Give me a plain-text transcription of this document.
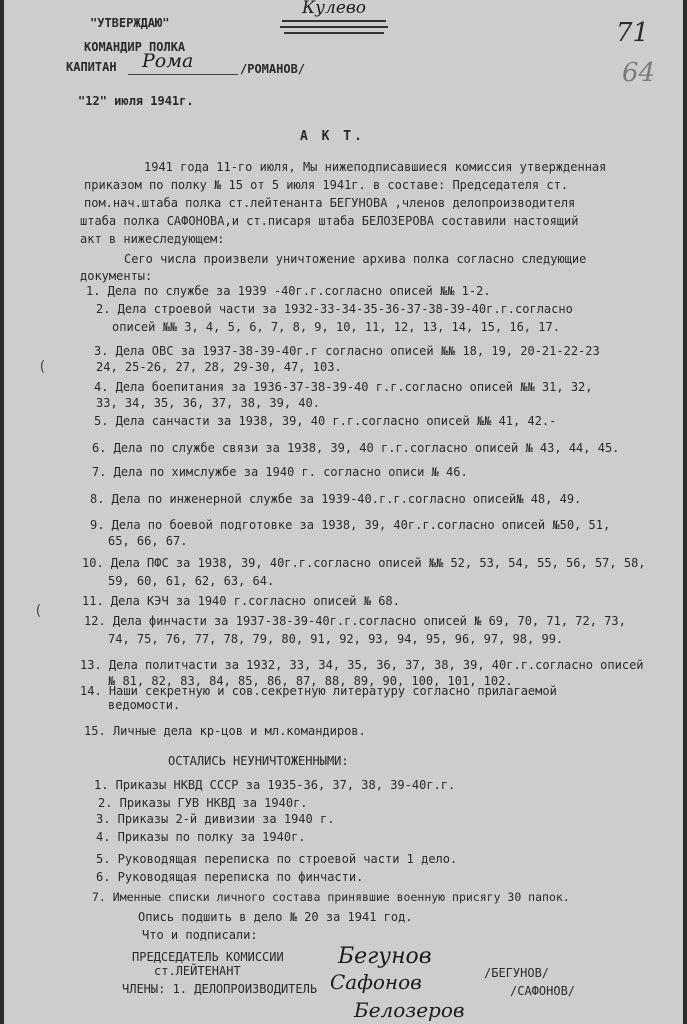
Кулево
71
64
"УТВЕРЖДАЮ"
КОМАНДИР ПОЛКА
КАПИТАН Рома	/РОМАНОВ/
"12" июля 1941г.
А К Т.
1941 года 11-го июля, Мы нижеподписавшиеся комиссия утвержденная
приказом по полку № 15 от 5 июля 1941г. в составе: Председателя ст.
пом.нач.штаба полка ст.лейтенанта БЕГУНОВА ,членов делопроизводителя
штаба полка САФОНОВА,и ст.писаря штаба БЕЛОЗЕРОВА составили настоящий
акт в нижеследующем:
Сего числа произвели уничтожение архива полка согласно следующие
документы:
1. Дела по службе за 1939 -40г.г.согласно описей №№ 1-2.
2. Дела строевой части за 1932-33-34-35-36-37-38-39-40г.г.согласно
описей №№ 3, 4, 5, 6, 7, 8, 9, 10, 11, 12, 13, 14, 15, 16, 17.
3. Дела ОВС за 1937-38-39-40г.г согласно описей №№ 18, 19, 20-21-22-23
24, 25-26, 27, 28, 29-30, 47, 103.
4. Дела боепитания за 1936-37-38-39-40 г.г.согласно описей №№ 31, 32,
33, 34, 35, 36, 37, 38, 39, 40.
5. Дела санчасти за 1938, 39, 40 г.г.согласно описей №№ 41, 42.-
6. Дела по службе связи за 1938, 39, 40 г.г.согласно описей № 43, 44, 45.
7. Дела по химслужбе за 1940 г. согласно описи № 46.
8. Дела по инженерной службе за 1939-40.г.г.согласно описей№ 48, 49.
9. Дела по боевой подготовке за 1938, 39, 40г.г.согласно описей №50, 51,
65, 66, 67.
10. Дела ПФС за 1938, 39, 40г.г.согласно описей №№ 52, 53, 54, 55, 56, 57, 58,
59, 60, 61, 62, 63, 64.
11. Дела КЭЧ за 1940 г.согласно описей № 68.
12. Дела финчасти за 1937-38-39-40г.г.согласно описей № 69, 70, 71, 72, 73,
74, 75, 76, 77, 78, 79, 80, 91, 92, 93, 94, 95, 96, 97, 98, 99.
13. Дела политчасти за 1932, 33, 34, 35, 36, 37, 38, 39, 40г.г.согласно описей
№ 81, 82, 83, 84, 85, 86, 87, 88, 89, 90, 100, 101, 102.
14. Наши секретную и сов.секретную литературу согласно прилагаемой
ведомости.
15. Личные дела кр-цов и мл.командиров.
ОСТАЛИСЬ НЕУНИЧТОЖЕННЫМИ:
1. Приказы НКВД СССР за 1935-36, 37, 38, 39-40г.г.
2. Приказы ГУВ НКВД за 1940г.
3. Приказы 2-й дивизии за 1940 г.
4. Приказы по полку за 1940г.
5. Руководящая переписка по строевой части 1 дело.
6. Руководящая переписка по финчасти.
7. Именные списки личного состава принявшие военную присягу 30 папок.
Опись подшить в дело № 20 за 1941 год.
Что и подписали:
ПРЕДСЕДАТЕЛЬ КОМИССИИ
ст.ЛЕЙТЕНАНТ
Бегунов
/БЕГУНОВ/
ЧЛЕНЫ: 1. ДЕЛОПРОИЗВОДИТЕЛЬ Сафонов	/САФОНОВ/
Белозеров
(
(
